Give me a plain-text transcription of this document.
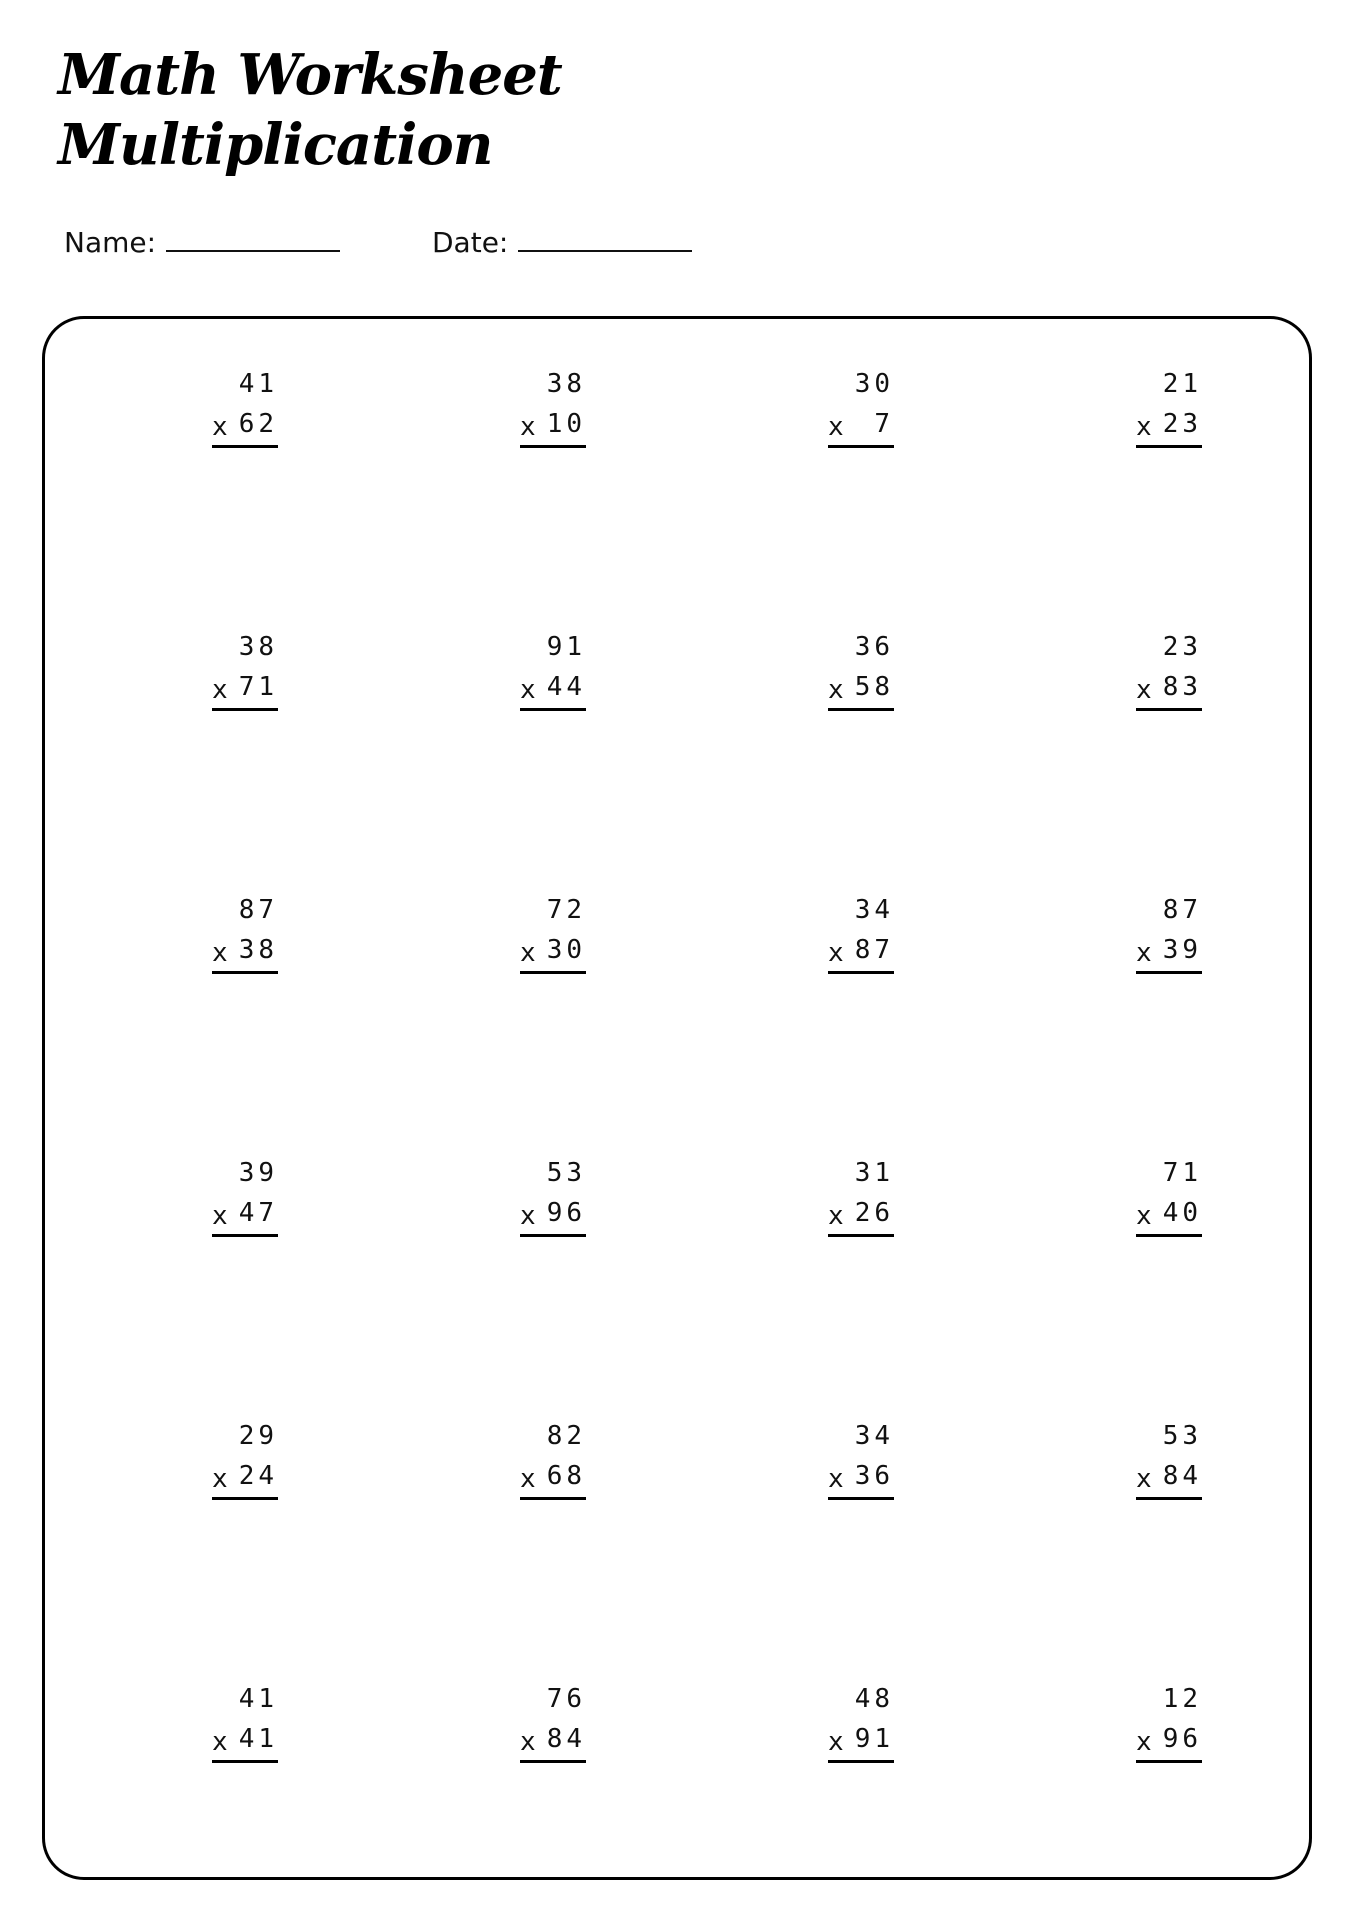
Math Worksheet
Multiplication
Name:	Date:
41
x 62
38
x 10
30
x 7
21
x 23
38
x 71
91
x 44
36
x 58
23
x 83
87
x 38
72
x 30
34
x 87
87
x 39
39
x 47
53
x 96
31
x 26
71
x 40
29
x 24
82
x 68
34
x 36
53
x 84
41
x 41
76
x 84
48
x 91
12
x 96
